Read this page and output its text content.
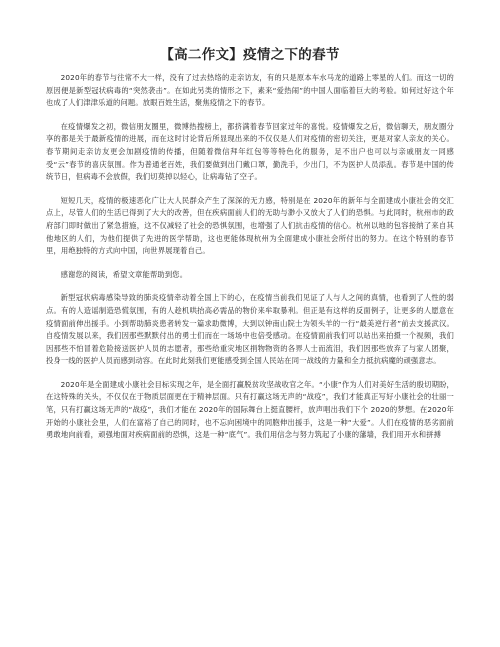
【高二作文】疫情之下的春节

2020年的春节与往常不大一样，没有了过去热络的走亲访友，有的只是原本车水马龙的道路上零星的人们。而这一切的原因便是新型冠状病毒的“突然袭击”。在如此另类的情形之下，素来“爱热闹”的中国人面临着巨大的考验。如何过好这个年也成了人们津津乐道的问题。放眼百姓生活，聚焦疫情之下的春节。

在疫情爆发之初，微信朋友圈里，微博热搜榜上，都挤满着春节回家过年的喜悦。疫情爆发之后，微信聊天，朋友圈分享的都是关于最新疫情的进展，而在这时讨论背后所显现出来的不仅仅是人们对疫情的密切关注，更是对家人亲友的关心。春节期间走亲访友更会加剧疫情的传播，但随着微信拜年红包等等特色化的服务，足不出户也可以与亲戚朋友一同感受“云”春节的喜庆氛围。作为普通老百姓，我们要做到出门戴口罩，勤洗手，少出门，不为医护人员添乱。春节是中国的传统节日，但病毒不会放假，我们切莫掉以轻心，让病毒钻了空子。

短短几天，疫情的极速恶化广让大人民群众产生了深深的无力感，特别是在 2020年的新年与全面建成小康社会的交汇点上，尽管人们的生活已得到了大大的改善，但在疾病面前人们的无助与渺小又放大了人们的恐惧。与此同时，杭州市的政府部门即时做出了紧急措施，这不仅减轻了社会的恐惧氛围，也增强了人们抗击疫情的信心。杭州以地的包容接纳了来自其他地区的人们，为他们提供了先进的医学帮助，这也更能体现杭州为全面建成小康社会所付出的努力。在这个特别的春节里，用绝独特的方式向中国，向世界展现着自己。

感谢您的阅读，希望文章能帮助到您。

新型冠状病毒感染导致的肺炎疫情牵动着全国上下的心，在疫情当前我们见证了人与人之间的真情，也看到了人性的弱点。有的人造谣制造恐慌氛围，有的人趁机哄抬高必需品的物价来牟取暴利。但正是有这样的反面例子，让更多的人愿意在疫情面前伸出援手。小到帮助肺炎患者转发一篇求助微博，大到以钟南山院士为领头羊的一行“最美逆行者”前去支援武汉。自疫情发展以来，我们因那些默默付出的勇士们而在一场场中也倍受感动。在疫情面前我们可以站出来拍摄一个视频，我们因那些不怕冒着危险接送医护人员的志愿者，那些给重灾地区捐物物资的各界人士而流泪，我们因那些放弃了与家人团聚，投身一线的医护人员而感到动容。在此时此刻我们更能感受到全国人民站在同一战线的力量和全力抵抗病魔的顽强意志。

2020年是全面建成小康社会目标实现之年，是全面打赢脱贫攻坚战收官之年。“小康”作为人们对美好生活的殷切期盼，在这特殊的关头，不仅仅在于物质层面更在于精神层面。只有打赢这场无声的“战疫”，我们才能真正写好小康社会的壮丽一笔，只有打赢这场无声的“战疫”，我们才能在 2020年的国际舞台上挺直腰杆，放声唱出我们下个 2020的梦想。在2020年开始的小康社会里，人们在富裕了自己的同时，也不忘向困境中的同胞伸出援手，这是一种“大爱”。人们在疫情的恶劣面前勇敢地向前看，顽强地面对疾病面前的恐惧，这是一种“底气”。我们用信念与努力筑起了小康的藩墙，我们用开水和拼搏
